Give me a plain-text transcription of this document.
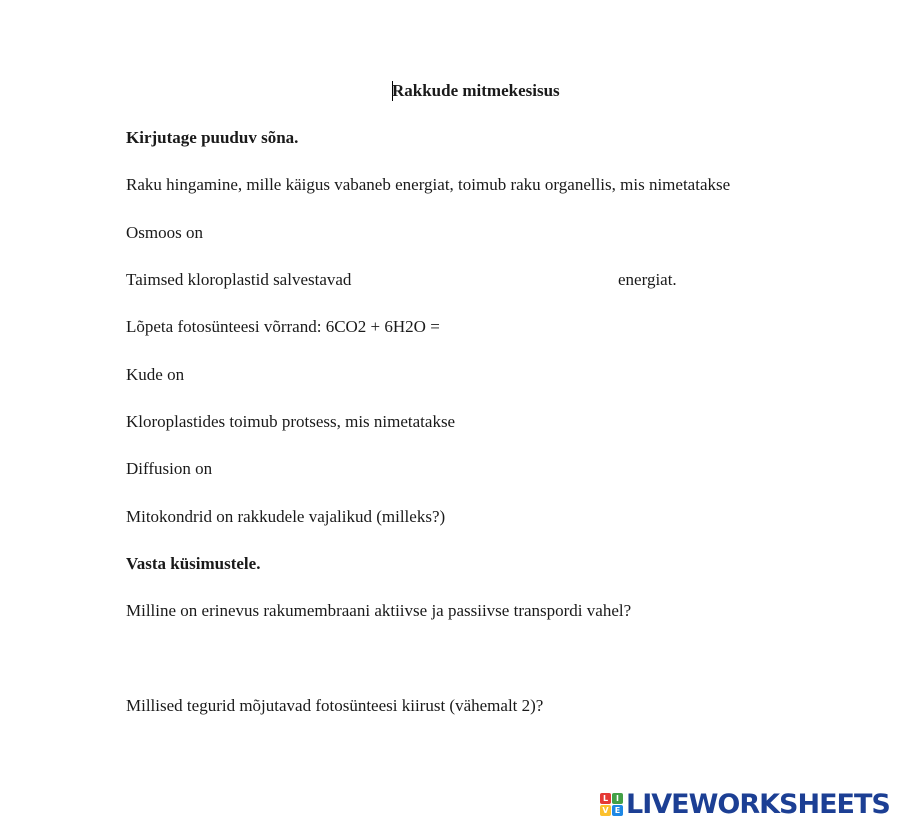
Rakkude mitmekesisus
Kirjutage puuduv sõna.
Raku hingamine, mille käigus vabaneb energiat, toimub raku organellis, mis nimetatakse
Osmoos on
Taimsed kloroplastid salvestavad	energiat.
Lõpeta fotosünteesi võrrand: 6CO2 + 6H2O =
Kude on
Kloroplastides toimub protsess, mis nimetatakse
Diffusion on
Mitokondrid on rakkudele vajalikud (milleks?)
Vasta küsimustele.
Milline on erinevus rakumembraani aktiivse ja passiivse transpordi vahel?
Millised tegurid mõjutavad fotosünteesi kiirust (vähemalt 2)?
L I
V E LIVEWORKSHEETS
